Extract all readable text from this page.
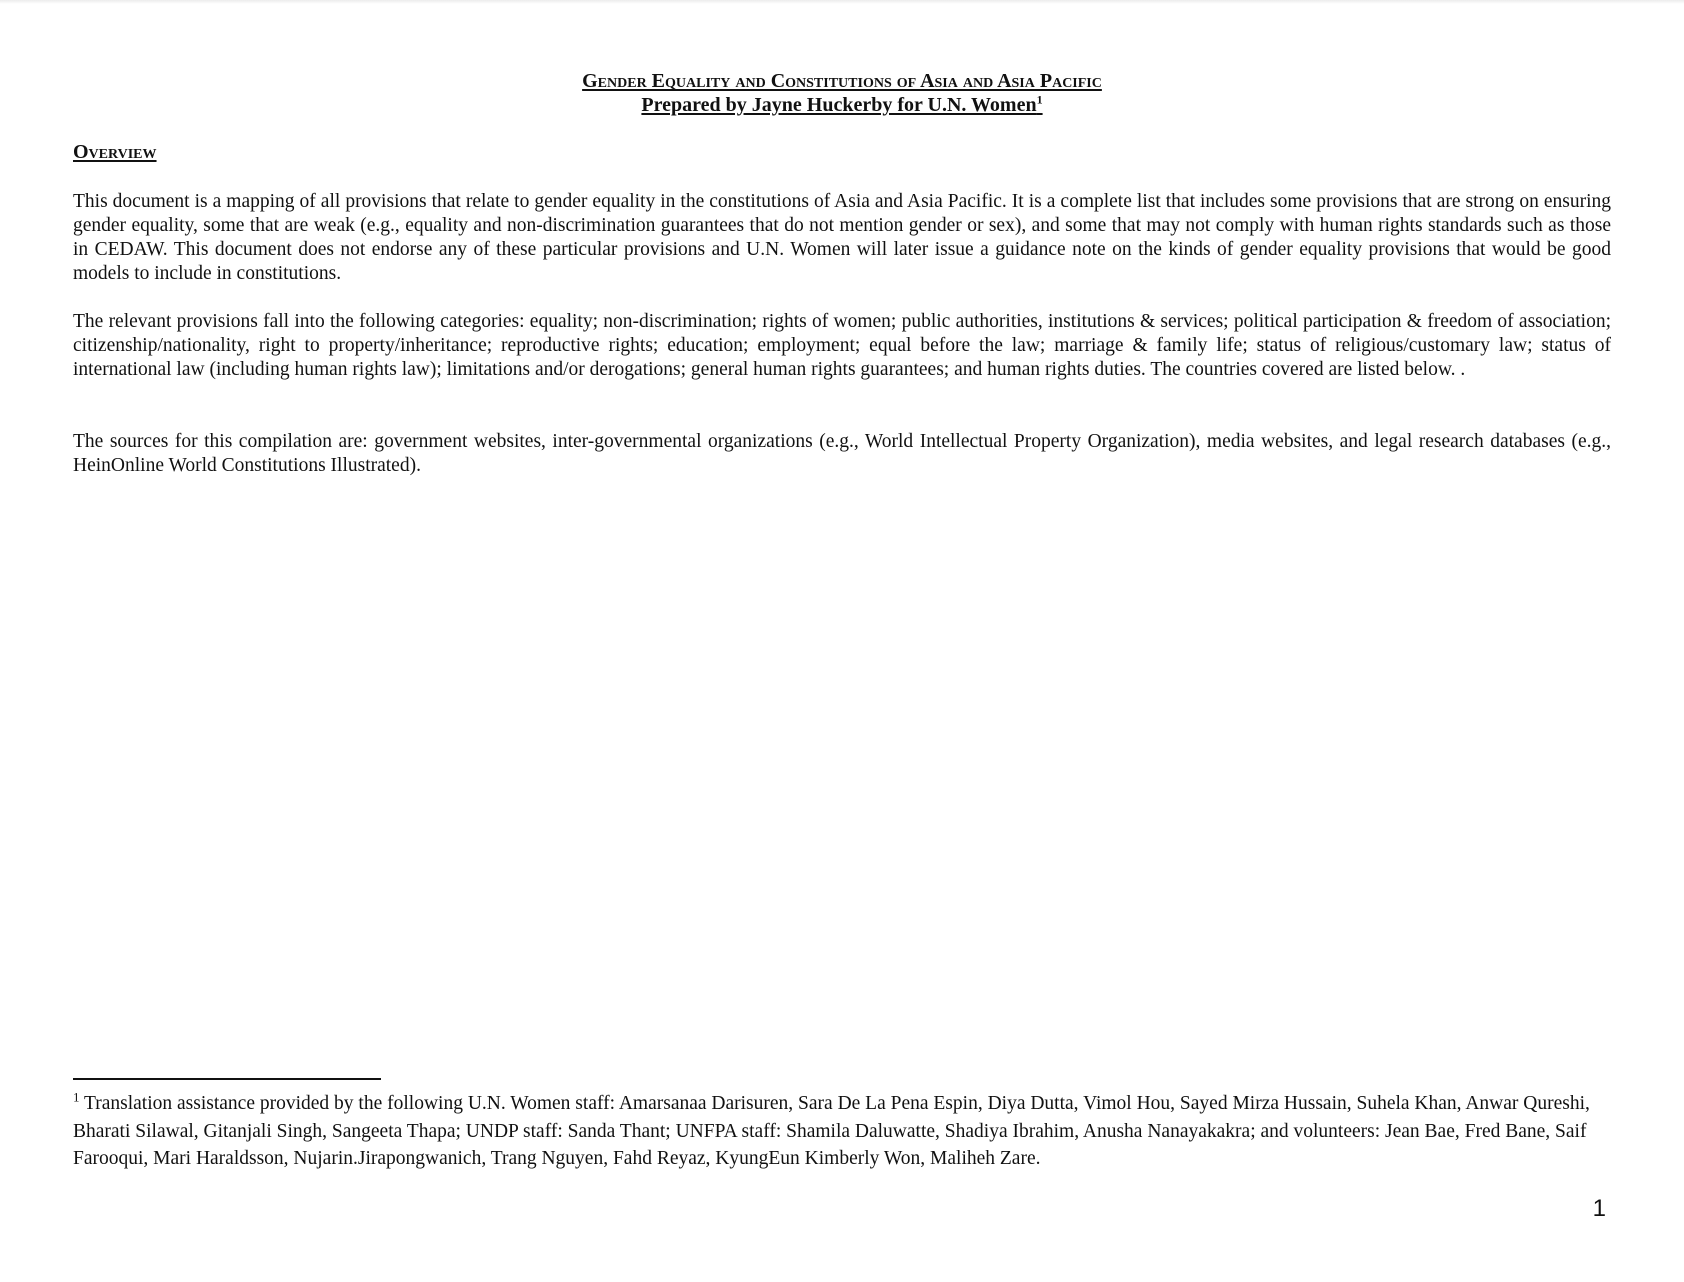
Gender Equality and Constitutions of Asia and Asia Pacific
Prepared by Jayne Huckerby for U.N. Women$^1$
Overview

This document is a mapping of all provisions that relate to gender equality in the constitutions of Asia and Asia Pacific. It is a complete list that includes some provisions that are strong on ensuring gender equality, some that are weak (e.g., equality and non-discrimination guarantees that do not mention gender or sex), and some that may not comply with human rights standards such as those in CEDAW. This document does not endorse any of these particular provisions and U.N. Women will later issue a guidance note on the kinds of gender equality provisions that would be good models to include in constitutions.

The relevant provisions fall into the following categories: equality; non-discrimination; rights of women; public authorities, institutions & services; political participation & freedom of association; citizenship/nationality, right to property/inheritance; reproductive rights; education; employment; equal before the law; marriage & family life; status of religious/customary law; status of international law (including human rights law); limitations and/or derogations; general human rights guarantees; and human rights duties. The countries covered are listed below. .

The sources for this compilation are: government websites, inter-governmental organizations (e.g., World Intellectual Property Organization), media websites, and legal research databases (e.g., HeinOnline World Constitutions Illustrated).

$^1$ Translation assistance provided by the following U.N. Women staff: Amarsanaa Darisuren, Sara De La Pena Espin, Diya Dutta, Vimol Hou, Sayed Mirza Hussain, Suhela Khan, Anwar Qureshi, Bharati Silawal, Gitanjali Singh, Sangeeta Thapa; UNDP staff: Sanda Thant; UNFPA staff: Shamila Daluwatte, Shadiya Ibrahim, Anusha Nanayakakra; and volunteers: Jean Bae, Fred Bane, Saif Farooqui, Mari Haraldsson, Nujarin.Jirapongwanich, Trang Nguyen, Fahd Reyaz, KyungEun Kimberly Won, Maliheh Zare.

1
